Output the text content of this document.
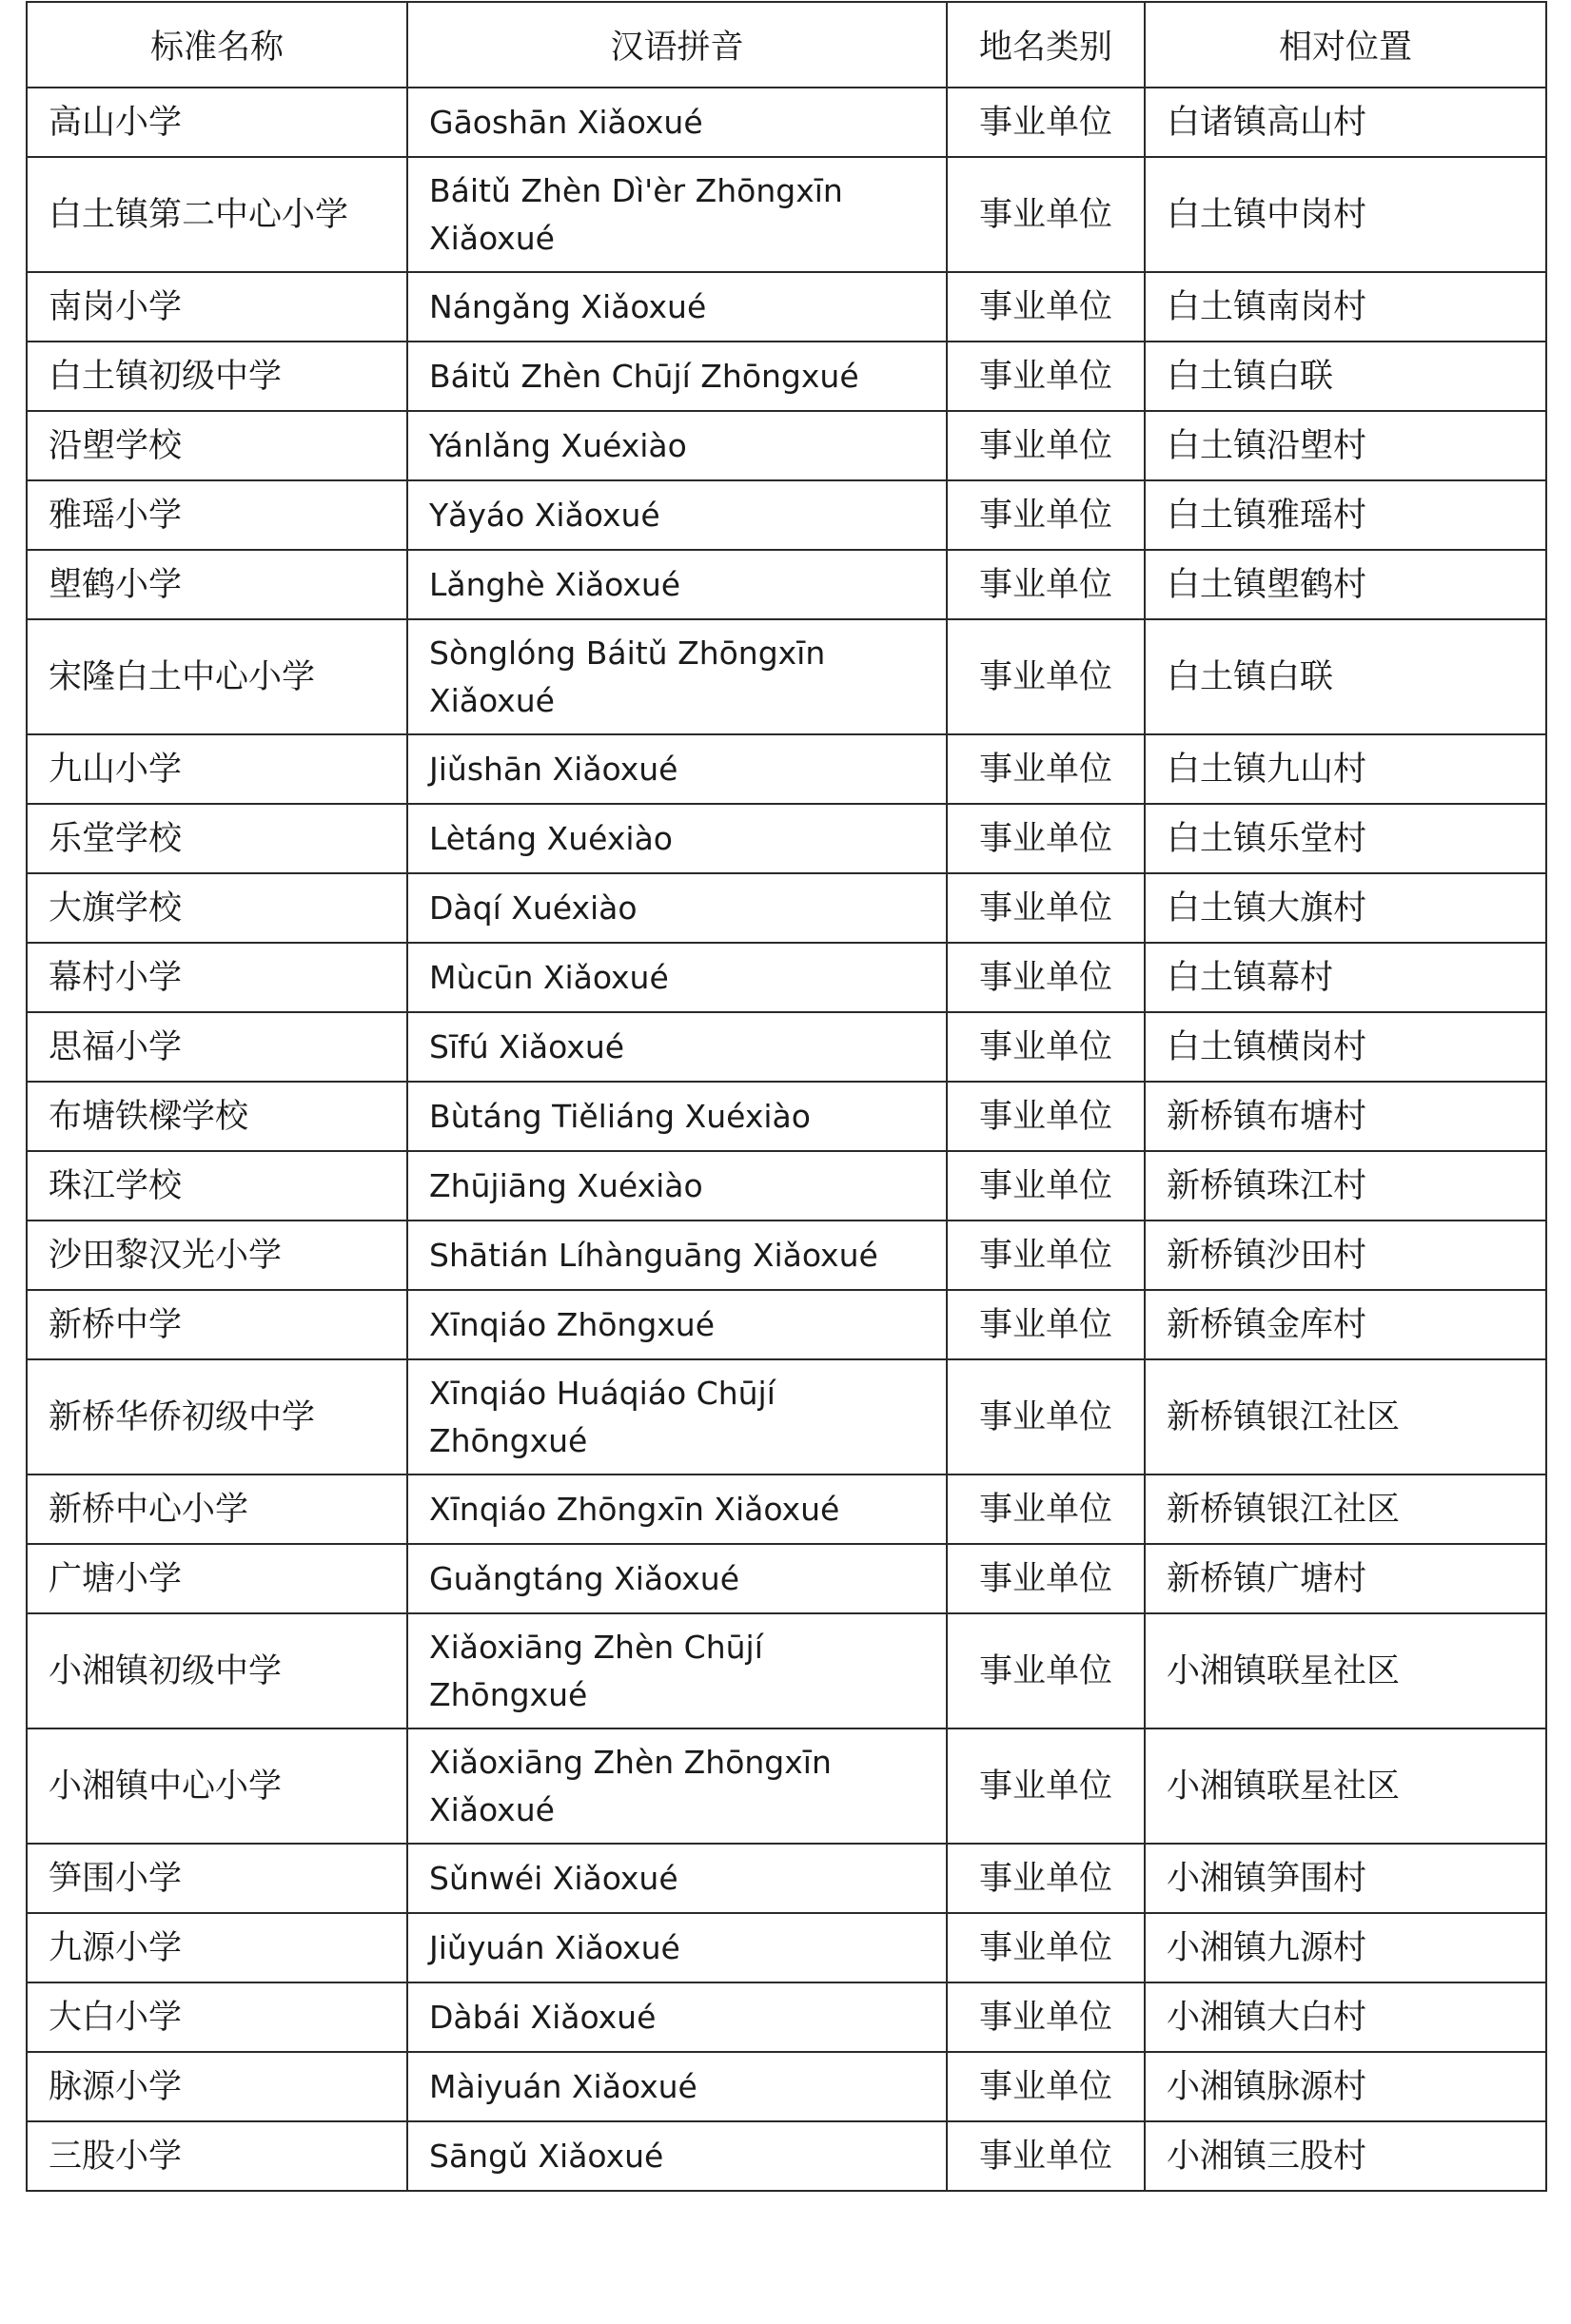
标准名称	汉语拼音	地名类别	相对位置
高山小学	Gāoshān Xiǎoxué	事业单位	白诸镇高山村
白土镇第二中心小学	Báitǔ Zhèn Dì'èr Zhōngxīn Xiǎoxué	事业单位	白土镇中岗村
南岗小学	Nángǎng Xiǎoxué	事业单位	白土镇南岗村
白土镇初级中学	Báitǔ Zhèn Chūjí Zhōngxué	事业单位	白土镇白联
沿塱学校	Yánlǎng Xuéxiào	事业单位	白土镇沿塱村
雅瑶小学	Yǎyáo Xiǎoxué	事业单位	白土镇雅瑶村
塱鹤小学	Lǎnghè Xiǎoxué	事业单位	白土镇塱鹤村
宋隆白土中心小学	Sònglóng Báitǔ Zhōngxīn Xiǎoxué	事业单位	白土镇白联
九山小学	Jiǔshān Xiǎoxué	事业单位	白土镇九山村
乐堂学校	Lètáng Xuéxiào	事业单位	白土镇乐堂村
大旗学校	Dàqí Xuéxiào	事业单位	白土镇大旗村
幕村小学	Mùcūn Xiǎoxué	事业单位	白土镇幕村
思福小学	Sīfú Xiǎoxué	事业单位	白土镇横岗村
布塘铁樑学校	Bùtáng Tiěliáng Xuéxiào	事业单位	新桥镇布塘村
珠江学校	Zhūjiāng Xuéxiào	事业单位	新桥镇珠江村
沙田黎汉光小学	Shātián Líhànguāng Xiǎoxué	事业单位	新桥镇沙田村
新桥中学	Xīnqiáo Zhōngxué	事业单位	新桥镇金库村
新桥华侨初级中学	Xīnqiáo Huáqiáo Chūjí Zhōngxué	事业单位	新桥镇银江社区
新桥中心小学	Xīnqiáo Zhōngxīn Xiǎoxué	事业单位	新桥镇银江社区
广塘小学	Guǎngtáng Xiǎoxué	事业单位	新桥镇广塘村
小湘镇初级中学	Xiǎoxiāng Zhèn Chūjí Zhōngxué	事业单位	小湘镇联星社区
小湘镇中心小学	Xiǎoxiāng Zhèn Zhōngxīn Xiǎoxué	事业单位	小湘镇联星社区
笋围小学	Sǔnwéi Xiǎoxué	事业单位	小湘镇笋围村
九源小学	Jiǔyuán Xiǎoxué	事业单位	小湘镇九源村
大白小学	Dàbái Xiǎoxué	事业单位	小湘镇大白村
脉源小学	Màiyuán Xiǎoxué	事业单位	小湘镇脉源村
三股小学	Sāngǔ Xiǎoxué	事业单位	小湘镇三股村
